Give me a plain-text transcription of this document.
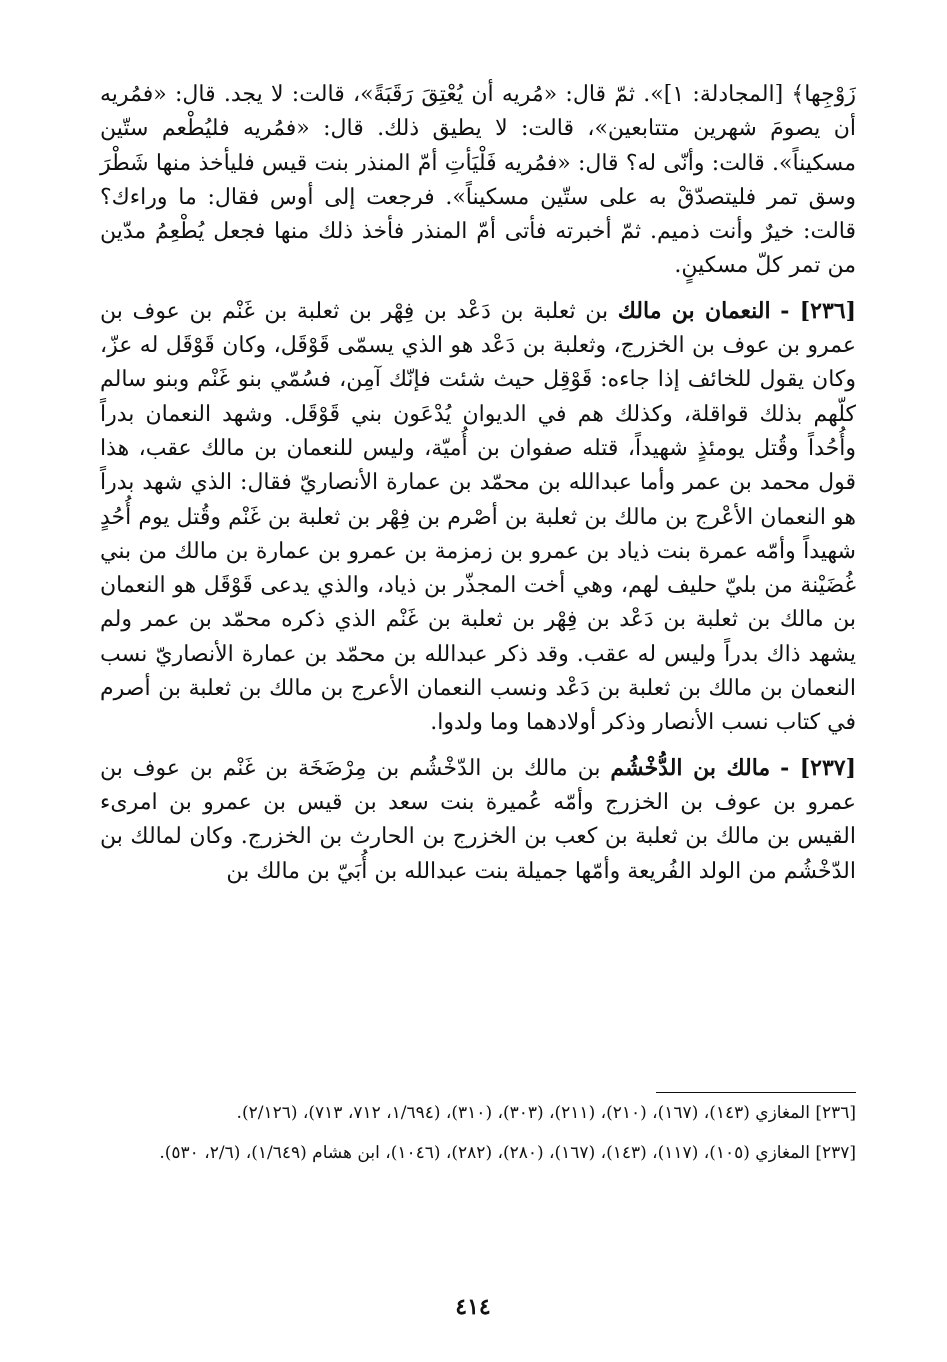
زَوْجِها﴾ [المجادلة: ١]». ثمّ قال: «مُريه أن يُعْتِقَ رَقَبَةً»، قالت: لا يجد. قال: «فمُريه أن يصومَ شهرين متتابعين»، قالت: لا يطيق ذلك. قال: «فمُريه فليُطْعم ستّين مسكيناً». قالت: وأنّى له؟ قال: «فمُريه فَلْيَأتِ أمّ المنذر بنت قيس فليأخذ منها شَطْرَ وسق تمر فليتصدّقْ به على ستّين مسكيناً». فرجعت إلى أوس فقال: ما وراءك؟ قالت: خيرٌ وأنت ذميم. ثمّ أخبرته فأتى أمّ المنذر فأخذ ذلك منها فجعل يُطْعِمُ مدّين من تمر كلّ مسكينٍ.

[٢٣٦] - النعمان بن مالك بن ثعلبة بن دَعْد بن فِهْر بن ثعلبة بن غَنْم بن عوف بن عمرو بن عوف بن الخزرج، وثعلبة بن دَعْد هو الذي يسمّى قَوْقَل، وكان قَوْقَل له عزّ، وكان يقول للخائف إذا جاءه: قَوْقِل حيث شئت فإنّك آمِن، فسُمّي بنو غَنْم وبنو سالم كلّهم بذلك قواقلة، وكذلك هم في الديوان يُدْعَون بني قَوْقَل. وشهد النعمان بدراً وأُحُداً وقُتل يومئذٍ شهيداً، قتله صفوان بن أُميّة، وليس للنعمان بن مالك عقب، هذا قول محمد بن عمر وأما عبدالله بن محمّد بن عمارة الأنصاريّ فقال: الذي شهد بدراً هو النعمان الأعْرج بن مالك بن ثعلبة بن أصْرم بن فِهْر بن ثعلبة بن غَنْم وقُتل يوم أُحُدٍ شهيداً وأمّه عمرة بنت ذياد بن عمرو بن زمزمة بن عمرو بن عمارة بن مالك من بني غُضَيْنة من بليّ حليف لهم، وهي أخت المجذّر بن ذياد، والذي يدعى قَوْقَل هو النعمان بن مالك بن ثعلبة بن دَعْد بن فِهْر بن ثعلبة بن غَنْم الذي ذكره محمّد بن عمر ولم يشهد ذاك بدراً وليس له عقب. وقد ذكر عبدالله بن محمّد بن عمارة الأنصاريّ نسب النعمان بن مالك بن ثعلبة بن دَعْد ونسب النعمان الأعرج بن مالك بن ثعلبة بن أصرم في كتاب نسب الأنصار وذكر أولادهما وما ولدوا.

[٢٣٧] - مالك بن الدُّخْشُم بن مالك بن الدّخْشُم بن مِرْضَخَة بن غَنْم بن عوف بن عمرو بن عوف بن الخزرج وأمّه عُميرة بنت سعد بن قيس بن عمرو بن امرىء القيس بن مالك بن ثعلبة بن كعب بن الخزرج بن الحارث بن الخزرج. وكان لمالك بن الدّخْشُم من الولد الفُريعة وأمّها جميلة بنت عبدالله بن أُبَيّ بن مالك بن

[٢٣٦] المغازي (١٤٣)، (١٦٧)، (٢١٠)، (٢١١)، (٣٠٣)، (٣١٠)، (١/٦٩٤، ٧١٢، ٧١٣)، (٢/١٢٦).

[٢٣٧] المغازي (١٠٥)، (١١٧)، (١٤٣)، (١٦٧)، (٢٨٠)، (٢٨٢)، (١٠٤٦)، ابن هشام (١/٦٤٩)، (٢/٦، ٥٣٠).

٤١٤
